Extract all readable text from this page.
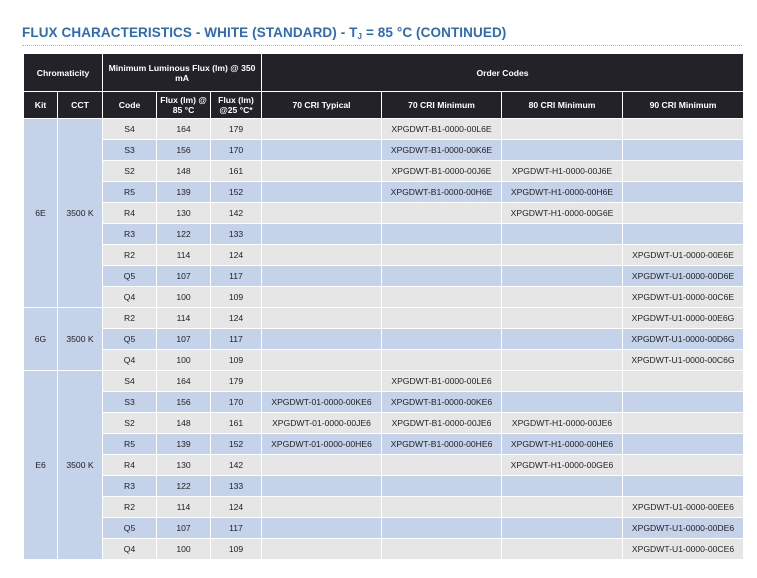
FLUX CHARACTERISTICS - WHITE (STANDARD) - $T_J = 85$ °C (CONTINUED)
Chromaticity		Minimum Luminous Flux (lm) @ 350 mA			Order Codes			
Kit	CCT	Code	Flux (lm) @ 85 °C	Flux (lm) @25 °C*	70 CRI Typical	70 CRI Minimum	80 CRI Minimum	90 CRI Minimum
6E	3500 K	S4	164	179		XPGDWT-B1-0000-00L6E		
		S3	156	170		XPGDWT-B1-0000-00K6E		
		S2	148	161		XPGDWT-B1-0000-00J6E	XPGDWT-H1-0000-00J6E	
		R5	139	152		XPGDWT-B1-0000-00H6E	XPGDWT-H1-0000-00H6E	
		R4	130	142			XPGDWT-H1-0000-00G6E	
		R3	122	133				
		R2	114	124				XPGDWT-U1-0000-00E6E
		Q5	107	117				XPGDWT-U1-0000-00D6E
		Q4	100	109				XPGDWT-U1-0000-00C6E
6G	3500 K	R2	114	124				XPGDWT-U1-0000-00E6G
		Q5	107	117				XPGDWT-U1-0000-00D6G
		Q4	100	109				XPGDWT-U1-0000-00C6G
E6	3500 K	S4	164	179		XPGDWT-B1-0000-00LE6		
		S3	156	170	XPGDWT-01-0000-00KE6	XPGDWT-B1-0000-00KE6		
		S2	148	161	XPGDWT-01-0000-00JE6	XPGDWT-B1-0000-00JE6	XPGDWT-H1-0000-00JE6	
		R5	139	152	XPGDWT-01-0000-00HE6	XPGDWT-B1-0000-00HE6	XPGDWT-H1-0000-00HE6	
		R4	130	142			XPGDWT-H1-0000-00GE6	
		R3	122	133				
		R2	114	124				XPGDWT-U1-0000-00EE6
		Q5	107	117				XPGDWT-U1-0000-00DE6
		Q4	100	109				XPGDWT-U1-0000-00CE6
